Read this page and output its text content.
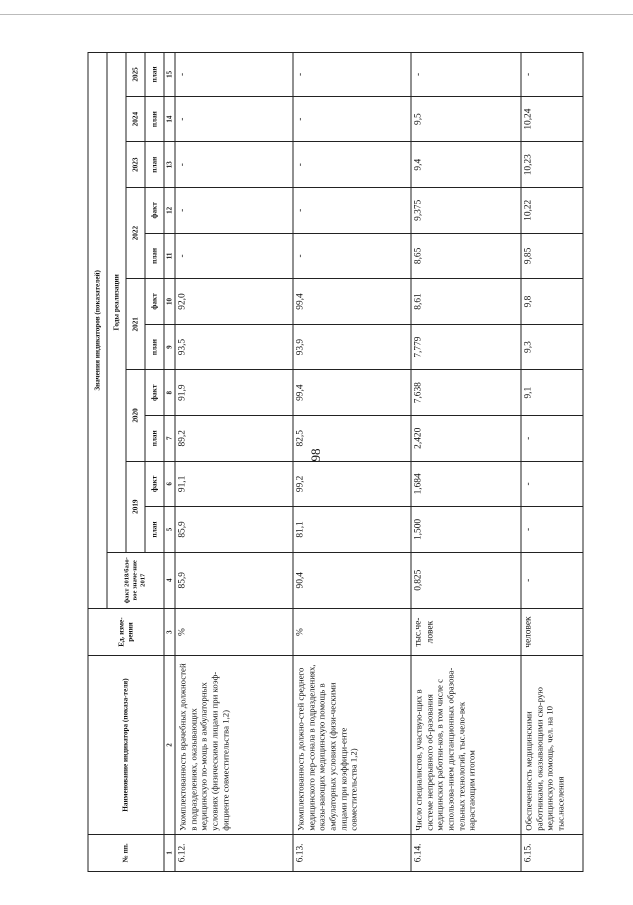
98
№ пп.	Наименование индикатора (показа-теля)	Ед. изме-рения	Значения индикаторов (показателей)											
			факт 2018/базо-вое значе-ние 2017	Годы реализации										
				2019		2020		2021		2022		2023	2024	2025
				план	факт	план	факт	план	факт	план	факт	план	план	план
1	2	3	4	5	6	7	8	9	10	11	12	13	14	15
6.12.	Укомплектованность врачебных должностей в подразделениях, оказывающих медицинскую по-мощь в амбулаторных условиях (физическими лицами при коэф-фициенте совместительства 1,2)	%	85,9	85,9	91,1	89,2	91,9	93,5	92,0	-	-	-	-	-
6.13.	Укомплектованность должно-стей среднего медицинского пер-сонала в подразделениях, оказы-вающих медицинскую помощь в амбулаторных условиях (физи-ческими лицами при коэффици-енте совместительства 1,2)	%	90,4	81,1	99,2	82,5	99,4	93,9	99,4	-	-	-	-	-
6.14.	Число специалистов, участвую-щих в системе непрерывного об-разования медицинских работни-ков, в том числе с использова-нием дистанционных образова-тельных технологий, тыс.чело-век нарастающим итогом	тыс.че-ловек	0,825	1,500	1,684	2,420	7,638	7,779	8,61	8,65	9,375	9,4	9,5	-
6.15.	Обеспеченность медицинскими работниками, оказывающими ско-рую медицинскую помощь, чел. на 10 тыс.населения	человек	-	-	-	-	9,1	9,3	9,8	9,85	10,22	10,23	10,24	-
